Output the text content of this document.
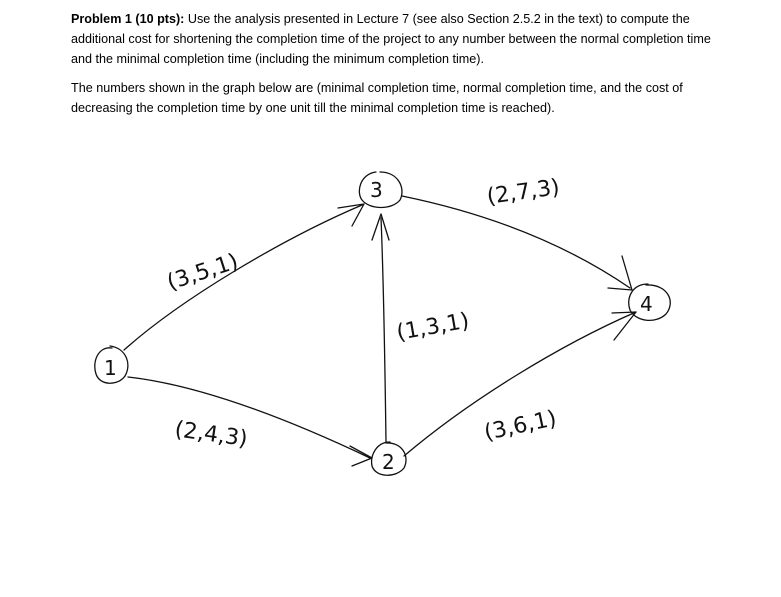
Problem 1 (10 pts): Use the analysis presented in Lecture 7 (see also Section 2.5.2 in the text) to compute the additional cost for shortening the completion time of the project to any number between the normal completion time and the minimal completion time (including the minimum completion time).

The numbers shown in the graph below are (minimal completion time, normal completion time, and the cost of decreasing the completion time by one unit till the minimal completion time is reached).

1
2
3
4
(3,5,1)
(2,4,3)
(1,3,1)
(2,7,3)
(3,6,1)
